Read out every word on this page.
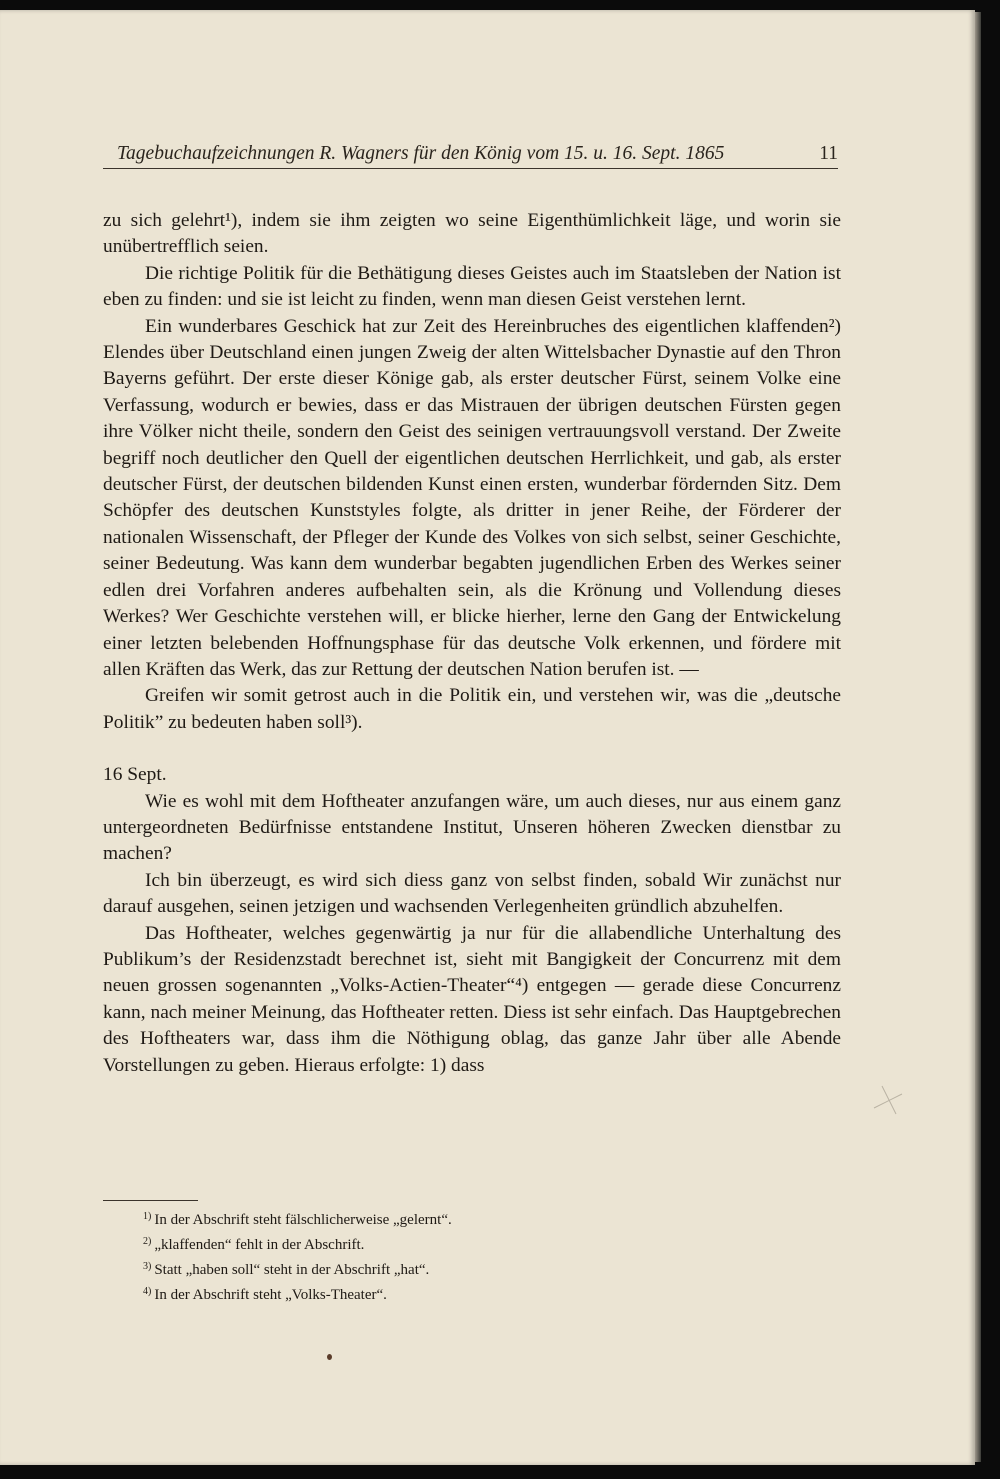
Tagebuchaufzeichnungen R. Wagners für den König vom 15. u. 16. Sept. 1865	11

zu sich gelehrt¹), indem sie ihm zeigten wo seine Eigenthümlichkeit läge, und worin sie unübertrefflich seien.

Die richtige Politik für die Bethätigung dieses Geistes auch im Staatsleben der Nation ist eben zu finden: und sie ist leicht zu finden, wenn man diesen Geist verstehen lernt.

Ein wunderbares Geschick hat zur Zeit des Hereinbruches des eigentlichen klaffenden²) Elendes über Deutschland einen jungen Zweig der alten Wittelsbacher Dynastie auf den Thron Bayerns geführt. Der erste dieser Könige gab, als erster deutscher Fürst, seinem Volke eine Verfassung, wodurch er bewies, dass er das Mistrauen der übrigen deutschen Fürsten gegen ihre Völker nicht theile, sondern den Geist des seinigen vertrauungsvoll verstand. Der Zweite begriff noch deutlicher den Quell der eigentlichen deutschen Herrlichkeit, und gab, als erster deutscher Fürst, der deutschen bildenden Kunst einen ersten, wunderbar fördernden Sitz. Dem Schöpfer des deutschen Kunststyles folgte, als dritter in jener Reihe, der Förderer der nationalen Wissenschaft, der Pfleger der Kunde des Volkes von sich selbst, seiner Geschichte, seiner Bedeutung. Was kann dem wunderbar begabten jugendlichen Erben des Werkes seiner edlen drei Vorfahren anderes aufbehalten sein, als die Krönung und Vollendung dieses Werkes? Wer Geschichte verstehen will, er blicke hierher, lerne den Gang der Entwickelung einer letzten belebenden Hoffnungsphase für das deutsche Volk erkennen, und fördere mit allen Kräften das Werk, das zur Rettung der deutschen Nation berufen ist. —

Greifen wir somit getrost auch in die Politik ein, und verstehen wir, was die „deutsche Politik” zu bedeuten haben soll³).

16 Sept.

Wie es wohl mit dem Hoftheater anzufangen wäre, um auch dieses, nur aus einem ganz untergeordneten Bedürfnisse entstandene Institut, Unseren höheren Zwecken dienstbar zu machen?

Ich bin überzeugt, es wird sich diess ganz von selbst finden, sobald Wir zunächst nur darauf ausgehen, seinen jetzigen und wachsenden Verlegenheiten gründlich abzuhelfen.

Das Hoftheater, welches gegenwärtig ja nur für die allabendliche Unterhaltung des Publikum’s der Residenzstadt berechnet ist, sieht mit Bangigkeit der Concurrenz mit dem neuen grossen sogenannten „Volks-Actien-Theater“⁴) entgegen — gerade diese Concurrenz kann, nach meiner Meinung, das Hoftheater retten. Diess ist sehr einfach. Das Hauptgebrechen des Hoftheaters war, dass ihm die Nöthigung oblag, das ganze Jahr über alle Abende Vorstellungen zu geben. Hieraus erfolgte: 1) dass

$^{1)}$ In der Abschrift steht fälschlicherweise „gelernt“.

$^{2)}$ „klaffenden“ fehlt in der Abschrift.

$^{3)}$ Statt „haben soll“ steht in der Abschrift „hat“.

$^{4)}$ In der Abschrift steht „Volks-Theater“.
